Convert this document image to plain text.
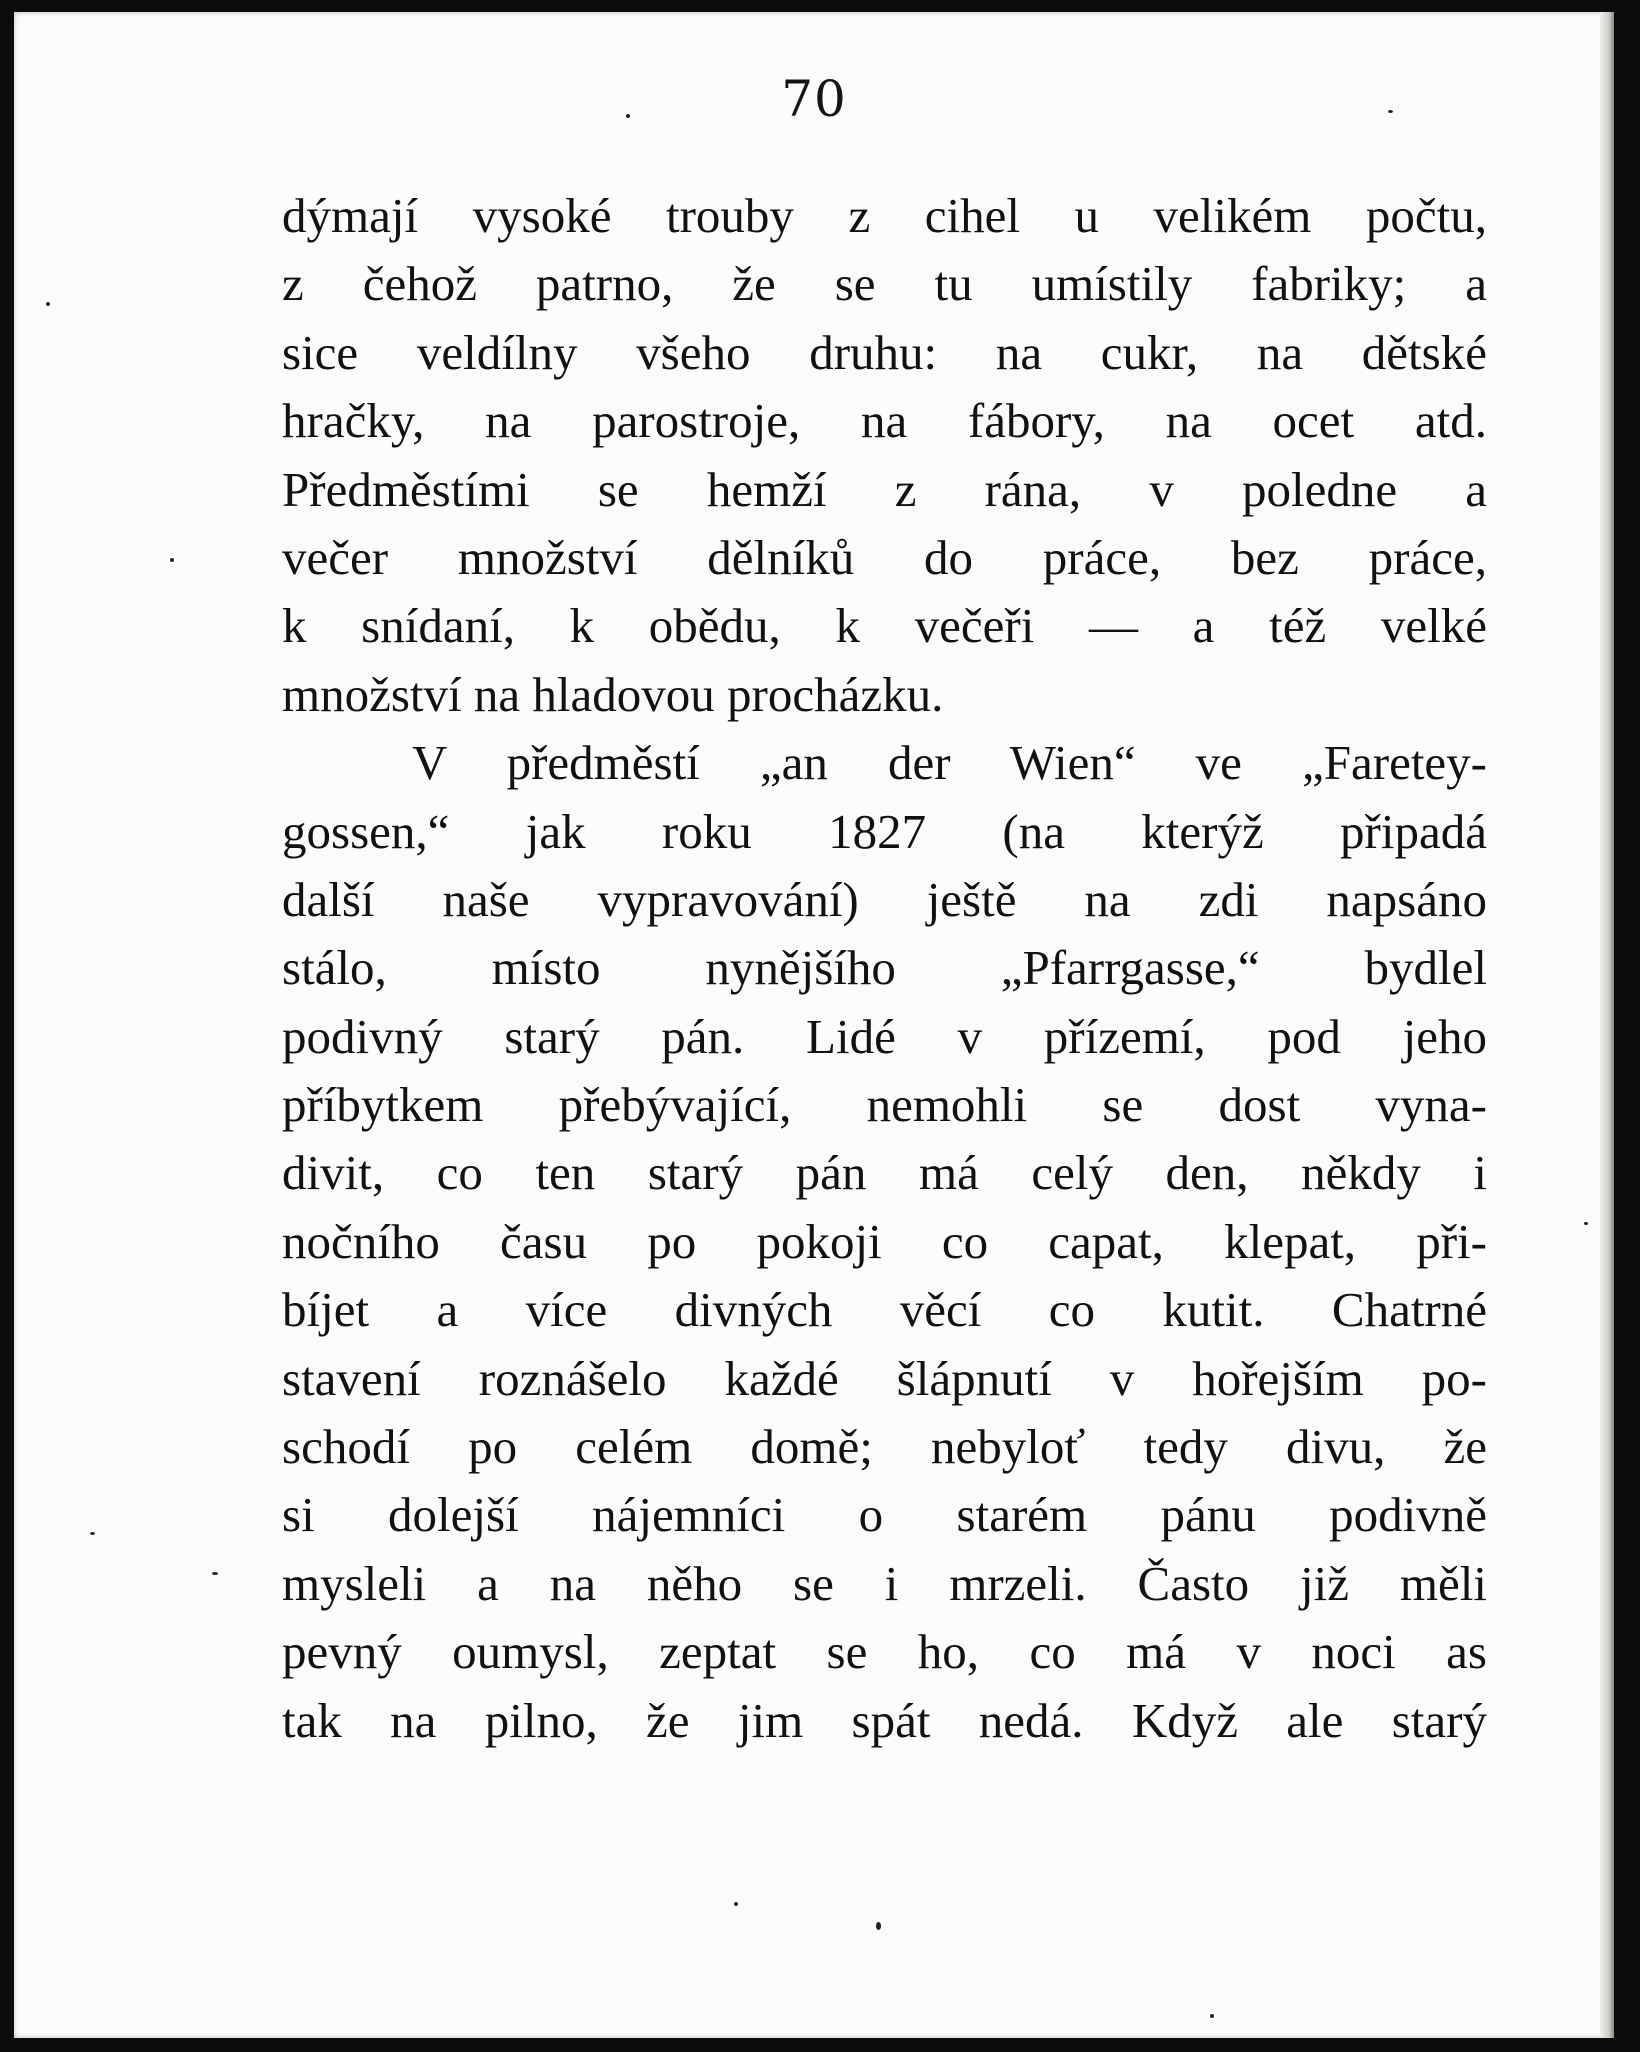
70
dýmají vysoké trouby z cihel u velikém počtu,
z čehož patrno, že se tu umístily fabriky; a
sice veldílny všeho druhu: na cukr, na dětské
hračky, na parostroje, na fábory, na ocet atd.
Předměstími se hemží z rána, v poledne a
večer množství dělníků do práce, bez práce,
k snídaní, k obědu, k večeři — a též velké
množství na hladovou procházku.
V předměstí „an der Wien“ ve „Faretey-
gossen,“ jak roku 1827 (na kterýž připadá
další naše vypravování) ještě na zdi napsáno
stálo, místo nynějšího „Pfarrgasse,“ bydlel
podivný starý pán. Lidé v přízemí, pod jeho
příbytkem přebývající, nemohli se dost vyna-
divit, co ten starý pán má celý den, někdy i
nočního času po pokoji co capat, klepat, při-
bíjet a více divných věcí co kutit. Chatrné
stavení roznášelo každé šlápnutí v hořejším po-
schodí po celém domě; nebyloť tedy divu, že
si dolejší nájemníci o starém pánu podivně
mysleli a na něho se i mrzeli. Často již měli
pevný oumysl, zeptat se ho, co má v noci as
tak na pilno, že jim spát nedá. Když ale starý
